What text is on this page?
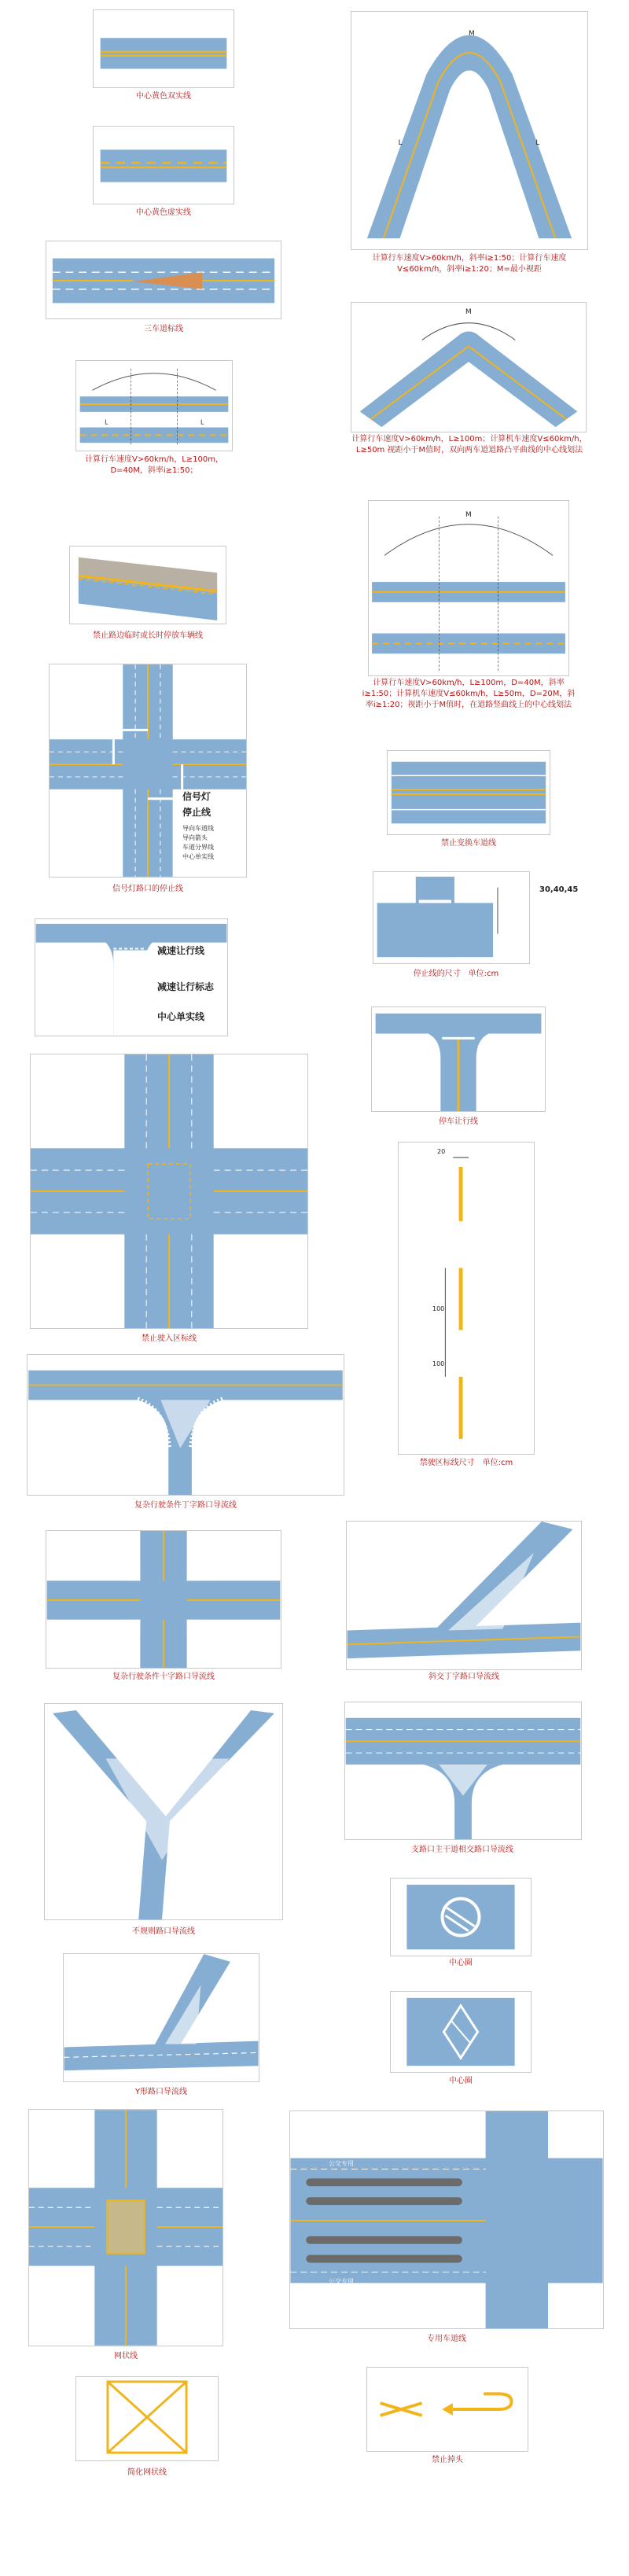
中心黄色双实线
中心黄色虚实线
三车道标线
L	L
计算行车速度V>60km/h，L≥100m，D=40M，斜率i≥1:50；
禁止路边临时或长时停放车辆线
信号灯
停止线
导向车道线
导向箭头
车道分界线
中心单实线
信号灯路口的停止线
减速让行线
减速让行标志
中心单实线
禁止驶入区标线
复杂行驶条件丁字路口导流线
复杂行驶条件十字路口导流线
不规则路口导流线
Y形路口导流线
网状线
简化网状线
M
L	L
计算行车速度V>60km/h，斜率i≥1:50；计算行车速度V≤60km/h，斜率i≥1:20；M=最小视距
M
计算行车速度V>60km/h，L≥100m；计算机车速度V≤60km/h，L≥50m 视距小于M值时，双向两车道道路凸平曲线的中心线划法
M
计算行车速度V>60km/h，L≥100m，D=40M，斜率i≥1:50；计算机车速度V≤60km/h，L≥50m，D=20M，斜率i≥1:20；视距小于M值时，在道路竖曲线上的中心线划法
禁止变换车道线
30,40,45
停止线的尺寸　单位:cm
停车让行线
20
100
100
禁驶区标线尺寸　单位:cm
斜交丁字路口导流线
支路口主干道相交路口导流线
中心圈
中心圈
公交专用
公交专用
专用车道线
禁止掉头
